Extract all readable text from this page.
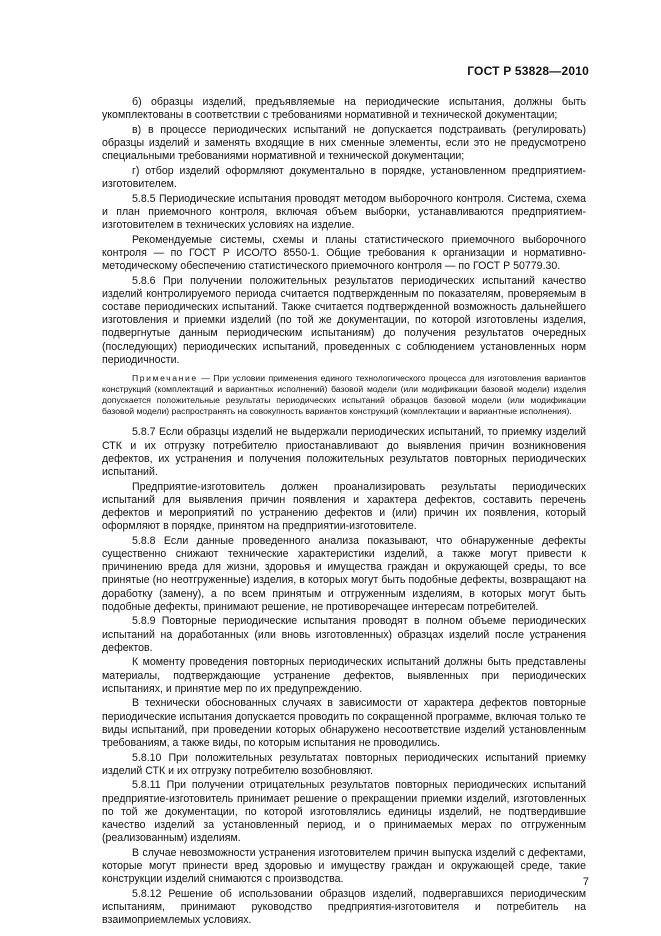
ГОСТ Р 53828—2010

б) образцы изделий, предъявляемые на периодические испытания, должны быть укомплектованы в соответствии с требованиями нормативной и технической документации;

в) в процессе периодических испытаний не допускается подстраивать (регулировать) образцы изделий и заменять входящие в них сменные элементы, если это не предусмотрено специальными требованиями нормативной и технической документации;

г) отбор изделий оформляют документально в порядке, установленном предприятием-изготовителем.

5.8.5 Периодические испытания проводят методом выборочного контроля. Система, схема и план приемочного контроля, включая объем выборки, устанавливаются предприятием-изготовителем в технических условиях на изделие.

Рекомендуемые системы, схемы и планы статистического приемочного выборочного контроля — по ГОСТ Р ИСО/ТО 8550-1. Общие требования к организации и нормативно-методическому обеспечению статистического приемочного контроля — по ГОСТ Р 50779.30.

5.8.6 При получении положительных результатов периодических испытаний качество изделий контролируемого периода считается подтвержденным по показателям, проверяемым в составе периодических испытаний. Также считается подтвержденной возможность дальнейшего изготовления и приемки изделий (по той же документации, по которой изготовлены изделия, подвергнутые данным периодическим испытаниям) до получения результатов очередных (последующих) периодических испытаний, проведенных с соблюдением установленных норм периодичности.

Примечание — При условии применения единого технологического процесса для изготовления вариантов конструкций (комплектаций и вариантных исполнений) базовой модели (или модификации базовой модели) изделия допускается положительные результаты периодических испытаний образцов базовой модели (или модификации базовой модели) распространять на совокупность вариантов конструкций (комплектации и вариантные исполнения).

5.8.7 Если образцы изделий не выдержали периодических испытаний, то приемку изделий СТК и их отгрузку потребителю приостанавливают до выявления причин возникновения дефектов, их устранения и получения положительных результатов повторных периодических испытаний.

Предприятие-изготовитель должен проанализировать результаты периодических испытаний для выявления причин появления и характера дефектов, составить перечень дефектов и мероприятий по устранению дефектов и (или) причин их появления, который оформляют в порядке, принятом на предприятии-изготовителе.

5.8.8 Если данные проведенного анализа показывают, что обнаруженные дефекты существенно снижают технические характеристики изделий, а также могут привести к причинению вреда для жизни, здоровья и имущества граждан и окружающей среды, то все принятые (но неотгруженные) изделия, в которых могут быть подобные дефекты, возвращают на доработку (замену), а по всем принятым и отгруженным изделиям, в которых могут быть подобные дефекты, принимают решение, не противоречащее интересам потребителей.

5.8.9 Повторные периодические испытания проводят в полном объеме периодических испытаний на доработанных (или вновь изготовленных) образцах изделий после устранения дефектов.

К моменту проведения повторных периодических испытаний должны быть представлены материалы, подтверждающие устранение дефектов, выявленных при периодических испытаниях, и принятие мер по их предупреждению.

В технически обоснованных случаях в зависимости от характера дефектов повторные периодические испытания допускается проводить по сокращенной программе, включая только те виды испытаний, при проведении которых обнаружено несоответствие изделий установленным требованиям, а также виды, по которым испытания не проводились.

5.8.10 При положительных результатах повторных периодических испытаний приемку изделий СТК и их отгрузку потребителю возобновляют.

5.8.11 При получении отрицательных результатов повторных периодических испытаний предприятие-изготовитель принимает решение о прекращении приемки изделий, изготовленных по той же документации, по которой изготовлялись единицы изделий, не подтвердившие качество изделий за установленный период, и о принимаемых мерах по отгруженным (реализованным) изделиям.

В случае невозможности устранения изготовителем причин выпуска изделий с дефектами, которые могут принести вред здоровью и имуществу граждан и окружающей среде, такие конструкции изделий снимаются с производства.

5.8.12 Решение об использовании образцов изделий, подвергавшихся периодическим испытаниям, принимают руководство предприятия-изготовителя и потребитель на взаимоприемлемых условиях.

7
